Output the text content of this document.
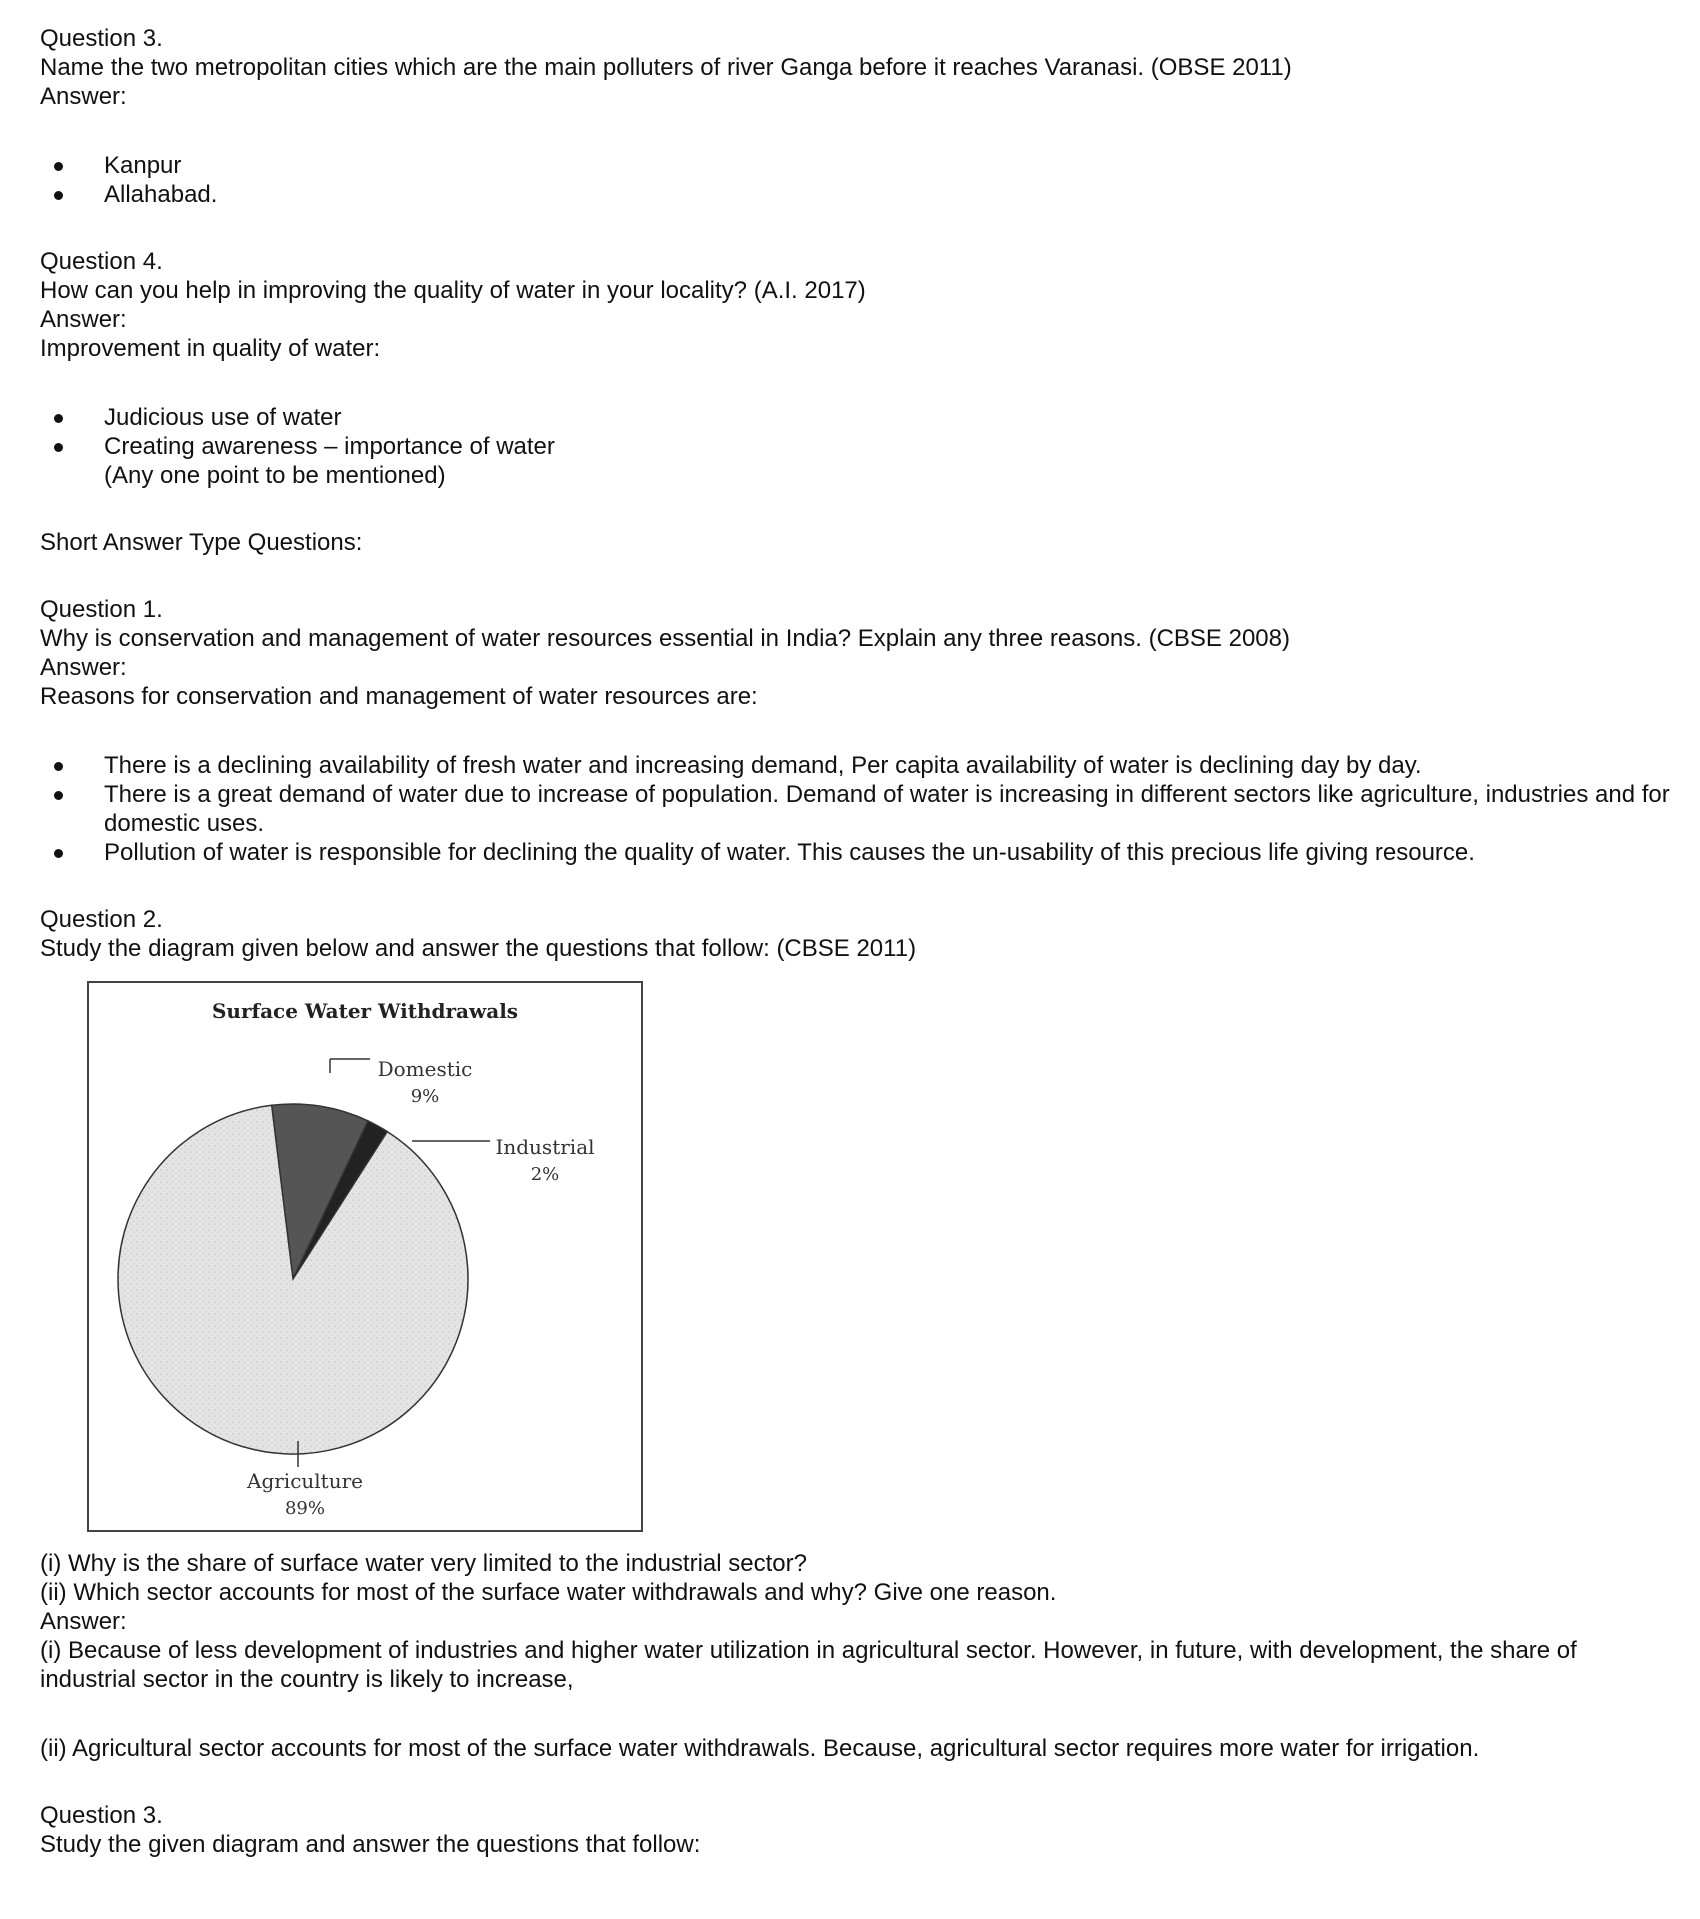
Question 3.
Name the two metropolitan cities which are the main polluters of river Ganga before it reaches Varanasi. (OBSE 2011)
Answer:
Kanpur
Allahabad.
Question 4.
How can you help in improving the quality of water in your locality? (A.I. 2017)
Answer:
Improvement in quality of water:
Judicious use of water
Creating awareness – importance of water
(Any one point to be mentioned)
Short Answer Type Questions:
Question 1.
Why is conservation and management of water resources essential in India? Explain any three reasons. (CBSE 2008)
Answer:
Reasons for conservation and management of water resources are:
There is a declining availability of fresh water and increasing demand, Per capita availability of water is declining day by day.
There is a great demand of water due to increase of population. Demand of water is increasing in different sectors like agriculture, industries and for domestic uses.
Pollution of water is responsible for declining the quality of water. This causes the un-usability of this precious life giving resource.
Question 2.
Study the diagram given below and answer the questions that follow: (CBSE 2011)
Surface Water Withdrawals
Domestic
9%
Industrial
2%
Agriculture
89%
(i) Why is the share of surface water very limited to the industrial sector?
(ii) Which sector accounts for most of the surface water withdrawals and why? Give one reason.
Answer:
(i) Because of less development of industries and higher water utilization in agricultural sector. However, in future, with development, the share of industrial sector in the country is likely to increase,
(ii) Agricultural sector accounts for most of the surface water withdrawals. Because, agricultural sector requires more water for irrigation.
Question 3.
Study the given diagram and answer the questions that follow:
